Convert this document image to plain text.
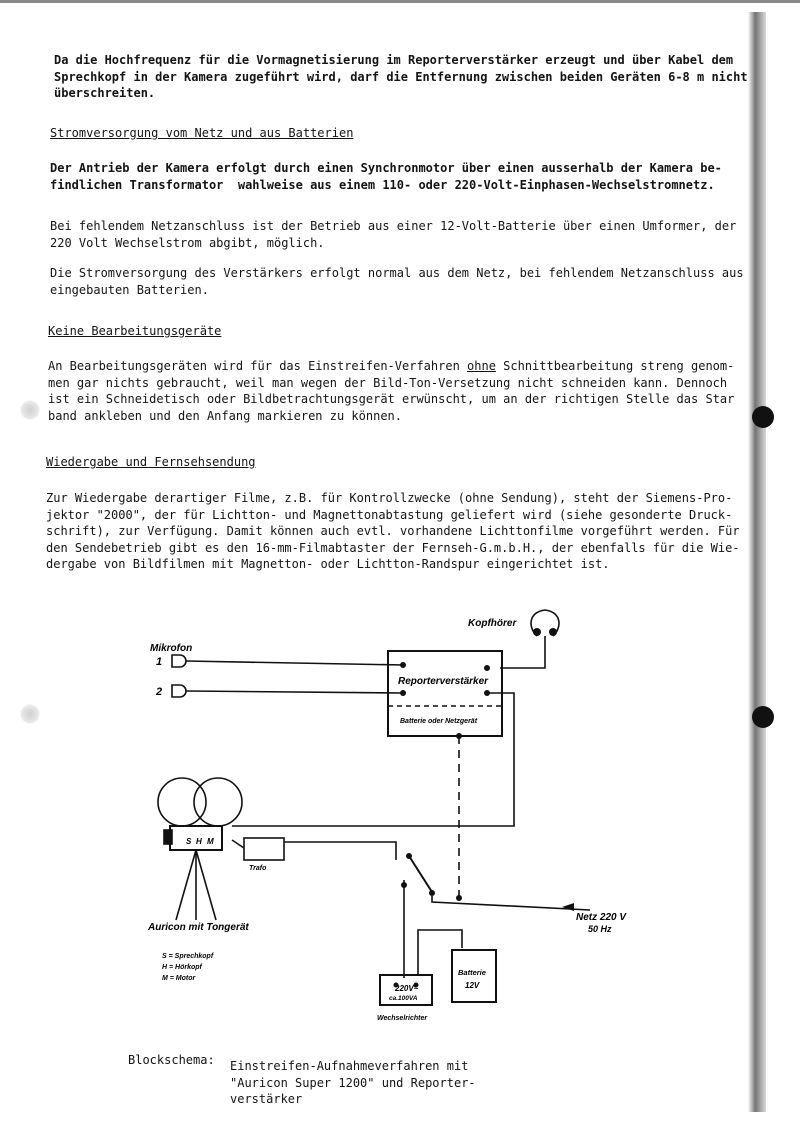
Da die Hochfrequenz für die Vormagnetisierung im Reporterverstärker erzeugt und über Kabel dem
Sprechkopf in der Kamera zugeführt wird, darf die Entfernung zwischen beiden Geräten 6-8 m nicht
überschreiten.
Stromversorgung vom Netz und aus Batterien
Der Antrieb der Kamera erfolgt durch einen Synchronmotor über einen ausserhalb der Kamera be-
findlichen Transformator  wahlweise aus einem 110- oder 220-Volt-Einphasen-Wechselstromnetz.
Bei fehlendem Netzanschluss ist der Betrieb aus einer 12-Volt-Batterie über einen Umformer, der
220 Volt Wechselstrom abgibt, möglich.
Die Stromversorgung des Verstärkers erfolgt normal aus dem Netz, bei fehlendem Netzanschluss aus
eingebauten Batterien.
Keine Bearbeitungsgeräte
An Bearbeitungsgeräten wird für das Einstreifen-Verfahren ohne Schnittbearbeitung streng genom-
men gar nichts gebraucht, weil man wegen der Bild-Ton-Versetzung nicht schneiden kann. Dennoch
ist ein Schneidetisch oder Bildbetrachtungsgerät erwünscht, um an der richtigen Stelle das Star
band ankleben und den Anfang markieren zu können.
Wiedergabe und Fernsehsendung
Zur Wiedergabe derartiger Filme, z.B. für Kontrollzwecke (ohne Sendung), steht der Siemens-Pro-
jektor "2000", der für Lichtton- und Magnettonabtastung geliefert wird (siehe gesonderte Druck-
schrift), zur Verfügung. Damit können auch evtl. vorhandene Lichttonfilme vorgeführt werden. Für
den Sendebetrieb gibt es den 16-mm-Filmabtaster der Fernseh-G.m.b.H., der ebenfalls für die Wie-
dergabe von Bildfilmen mit Magnetton- oder Lichtton-Randspur eingerichtet ist.
Kopfhörer
Mikrofon
1
2
Reporterverstärker
Batterie oder Netzgerät
Trafo
Netz 220 V
50 Hz
Auricon mit Tongerät
S = Sprechkopf
H = Hörkopf
M = Motor
S H M
220V~
ca.100VA
Wechselrichter
Batterie
12V
Blockschema: Einstreifen-Aufnahmeverfahren mit
"Auricon Super 1200" und Reporter-
verstärker
